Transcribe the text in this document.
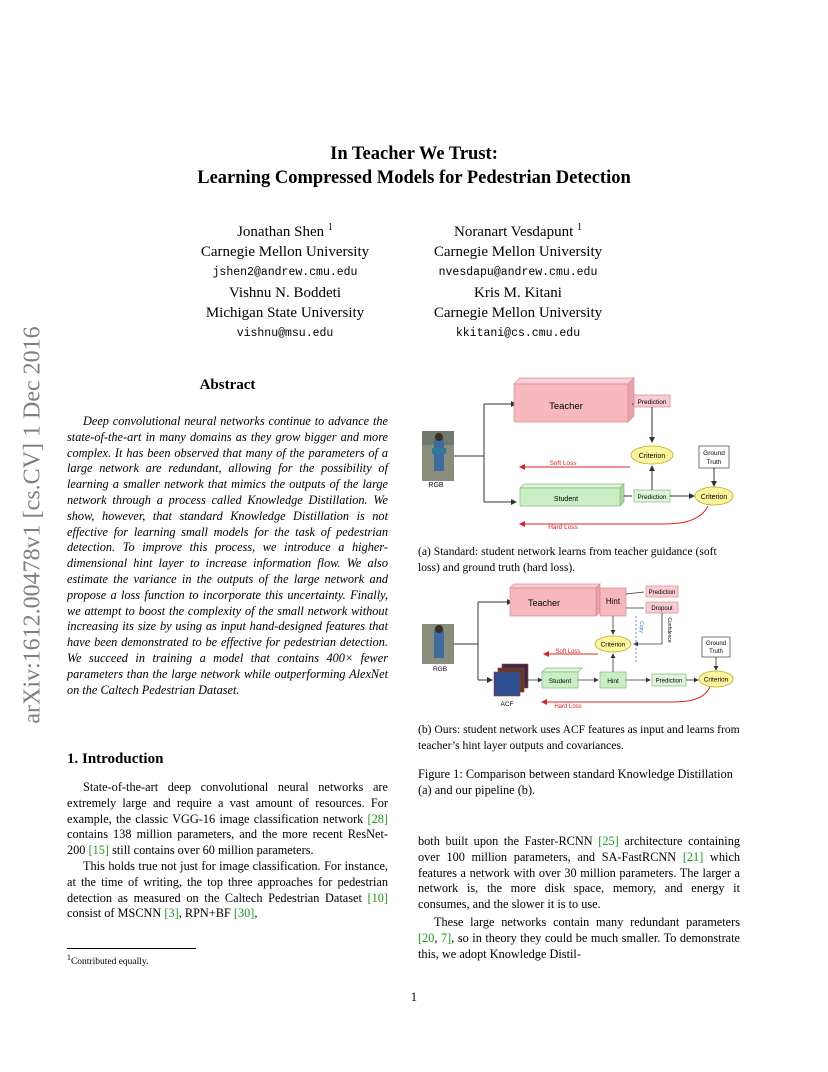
arXiv:1612.00478v1 [cs.CV] 1 Dec 2016
In Teacher We Trust:
Learning Compressed Models for Pedestrian Detection
Jonathan Shen $^1$
Carnegie Mellon University
jshen2@andrew.cmu.edu
Noranart Vesdapunt $^1$
Carnegie Mellon University
nvesdapu@andrew.cmu.edu
Vishnu N. Boddeti
Michigan State University
vishnu@msu.edu
Kris M. Kitani
Carnegie Mellon University
kkitani@cs.cmu.edu
Abstract
Deep convolutional neural networks continue to advance the state-of-the-art in many domains as they grow bigger and more complex. It has been observed that many of the parameters of a large network are redundant, allowing for the possibility of learning a smaller network that mimics the outputs of the large network through a process called Knowledge Distillation. We show, however, that standard Knowledge Distillation is not effective for learning small models for the task of pedestrian detection. To improve this process, we introduce a higher-dimensional hint layer to increase information flow. We also estimate the variance in the outputs of the large network and propose a loss function to incorporate this uncertainty. Finally, we attempt to boost the complexity of the small network without increasing its size by using as input hand-designed features that have been demonstrated to be effective for pedestrian detection. We succeed in training a model that contains 400× fewer parameters than the large network while outperforming AlexNet on the Caltech Pedestrian Dataset.
1. Introduction

State-of-the-art deep convolutional neural networks are extremely large and require a vast amount of resources. For example, the classic VGG-16 image classification network [28] contains 138 million parameters, and the more recent ResNet-200 [15] still contains over 60 million parameters.

This holds true not just for image classification. For instance, at the time of writing, the top three approaches for pedestrian detection as measured on the Caltech Pedestrian Dataset [10] consist of MSCNN [3], RPN+BF [30],

$^1$Contributed equally.
RGB
Teacher	Prediction
Criterion
Soft Loss
Ground
Truth
Student	Prediction	Criterion
Hard Loss
(a) Standard: student network learns from teacher guidance (soft loss) and ground truth (hard loss).
RGB
ACF
Teacher	Hint
Prediction
Dropout
Confidence
Criterion
Copy
Soft Loss
Ground
Truth
Student	Hint	Prediction	Criterion
Hard Loss
(b) Ours: student network uses ACF features as input and learns from teacher’s hint layer outputs and covariances.
Figure 1: Comparison between standard Knowledge Distillation (a) and our pipeline (b).

both built upon the Faster-RCNN [25] architecture containing over 100 million parameters, and SA-FastRCNN [21] which features a network with over 30 million parameters. The larger a network is, the more disk space, memory, and energy it consumes, and the slower it is to use.

These large networks contain many redundant parameters [20, 7], so in theory they could be much smaller. To demonstrate this, we adopt Knowledge Distil-

1
